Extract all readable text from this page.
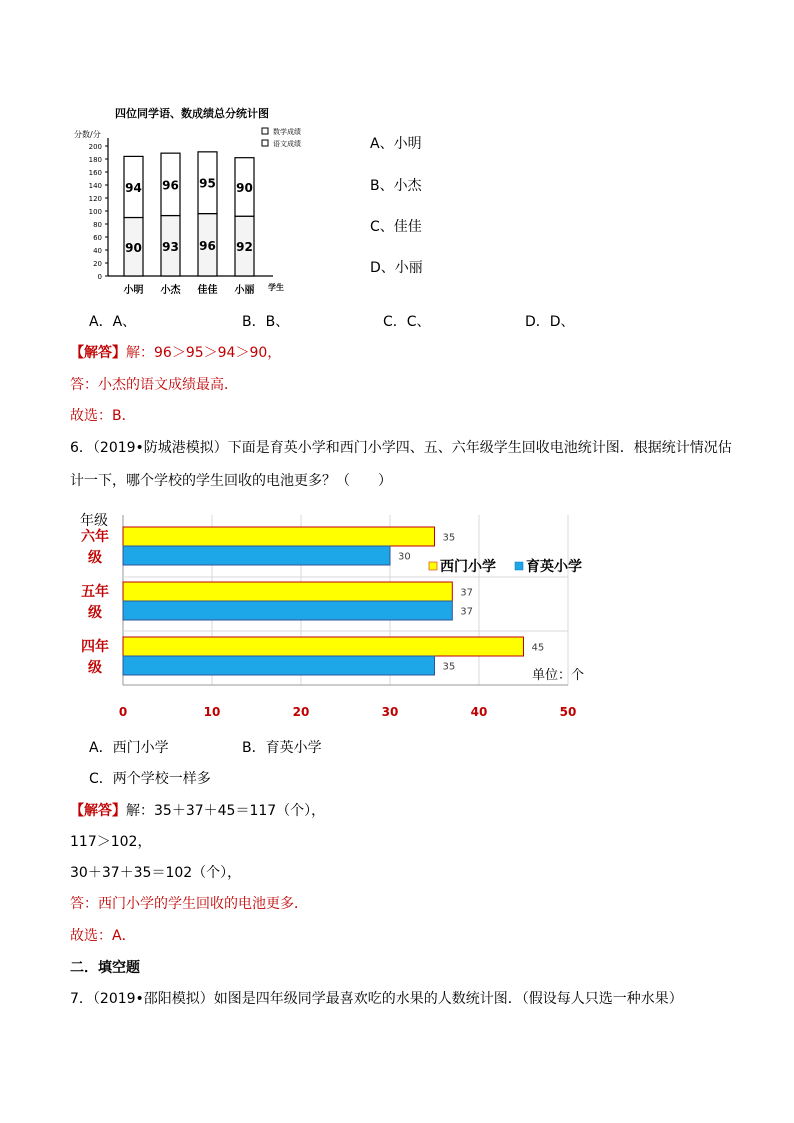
四位同学语、数成绩总分统计图
分数/分
学生
数学成绩
语文成绩
0
20
40
60
80
100
120
140
160
180
200
90
94
93
96
96
95
92
90
小明 小杰 佳佳 小丽
A、小明
B、小杰
C、佳佳
D、小丽
A．A、	B．B、	C．C、	D．D、
【解答】解：96＞95＞94＞90，
答：小杰的语文成绩最高．
故选：B．
6．（2019•防城港模拟）下面是育英小学和西门小学四、五、六年级学生回收电池统计图．根据统计情况估
计一下，哪个学校的学生回收的电池更多？（　　）
年级
35
30
37
37
45
35
六年级
五年级
四年级
0	10	20	30	40	50
西门小学 育英小学
单位：个
A．西门小学	B．育英小学
C．两个学校一样多
【解答】解：35＋37＋45＝117（个），
117＞102，
30＋37＋35＝102（个），
答：西门小学的学生回收的电池更多．
故选：A．
二．填空题
7．（2019•邵阳模拟）如图是四年级同学最喜欢吃的水果的人数统计图．（假设每人只选一种水果）
